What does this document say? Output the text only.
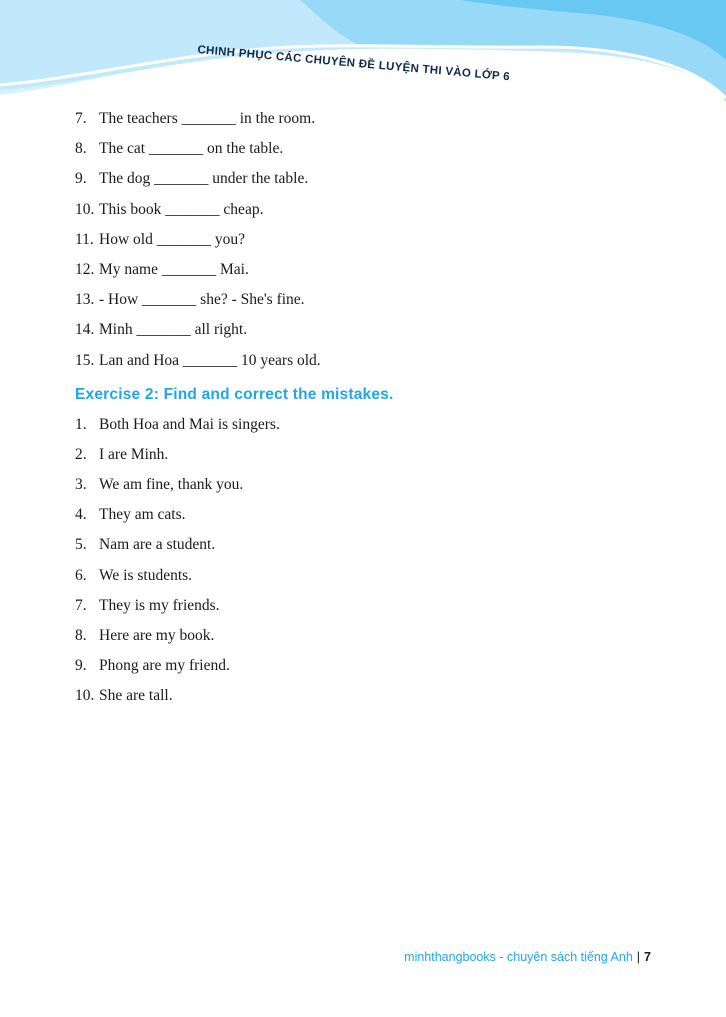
CHINH PHỤC CÁC CHUYÊN ĐỀ LUYỆN THI VÀO LỚP 6
7. The teachers _______ in the room.
8. The cat _______ on the table.
9. The dog _______ under the table.
10. This book _______ cheap.
11. How old _______ you?
12. My name _______ Mai.
13. - How _______ she? - She's fine.
14. Minh _______ all right.
15. Lan and Hoa _______ 10 years old.
Exercise 2: Find and correct the mistakes.
1. Both Hoa and Mai is singers.
2. I are Minh.
3. We am fine, thank you.
4. They am cats.
5. Nam are a student.
6. We is students.
7. They is my friends.
8. Here are my book.
9. Phong are my friend.
10. She are tall.
minhthangbooks - chuyên sách tiếng Anh | 7
